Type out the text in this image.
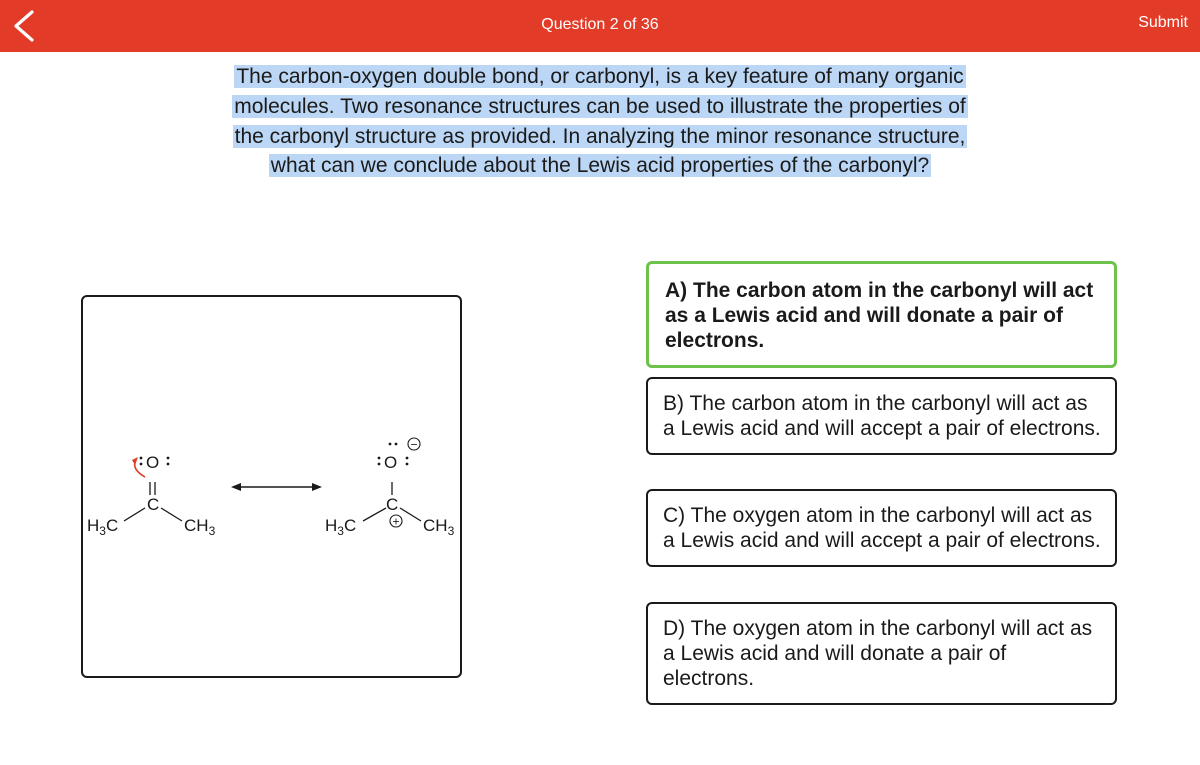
Question 2 of 36	Submit
The carbon-oxygen double bond, or carbonyl, is a key feature of many organic molecules. Two resonance structures can be used to illustrate the properties of the carbonyl structure as provided. In analyzing the minor resonance structure, what can we conclude about the Lewis acid properties of the carbonyl?
$H_3C$
C
$CH_3$
O
$H_3C$
C
$CH_3$
O
−
+
A) The carbon atom in the carbonyl will act as a Lewis acid and will donate a pair of electrons.
B) The carbon atom in the carbonyl will act as a Lewis acid and will accept a pair of electrons.
C) The oxygen atom in the carbonyl will act as a Lewis acid and will accept a pair of electrons.
D) The oxygen atom in the carbonyl will act as a Lewis acid and will donate a pair of electrons.
